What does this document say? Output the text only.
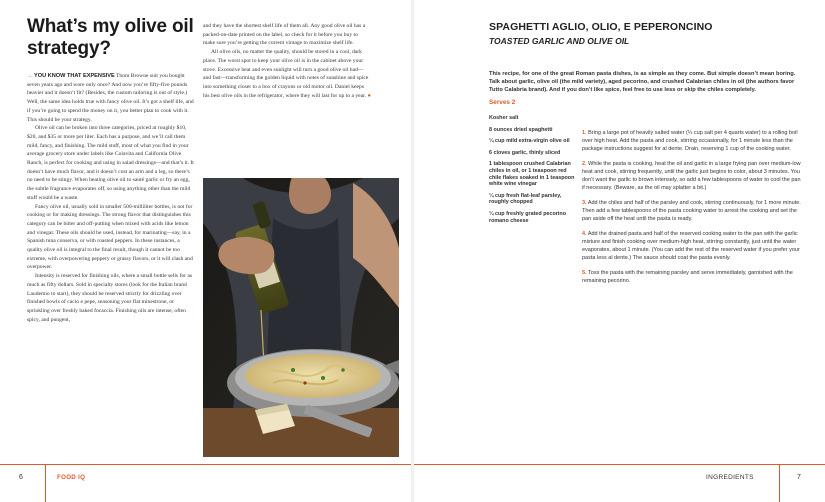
What’s my olive oil strategy?

→ YOU KNOW THAT EXPENSIVE Thom Browne suit you bought seven years ago and wore only once? And now you’re fifty-five pounds heavier and it doesn’t fit? (Besides, the custom tailoring is out of style.) Well, the same idea holds true with fancy olive oil. It’s got a shelf life, and if you’re going to spend the money on it, you better plan to cook with it. This should be your strategy.

Olive oil can be broken into three categories, priced at roughly $10, $20, and $35 or more per liter. Each has a purpose, and we’ll call them mild, fancy, and finishing. The mild stuff, most of what you find in your average grocery store under labels like Colavita and California Olive Ranch, is perfect for cooking and using in salad dressings—and that’s it. It doesn’t have much flavor, and it doesn’t cost an arm and a leg, so there’s no need to be stingy. When heating olive oil to sauté garlic or fry an egg, the subtle fragrance evaporates off, so using anything other than the mild stuff would be a waste.

Fancy olive oil, usually sold in smaller 500-milliliter bottles, is not for cooking or for making dressings. The strong flavor that distinguishes this category can be bitter and off-putting when mixed with acids like lemon and vinegar. These oils should be used, instead, for marinating—say, in a Spanish tuna conserva, or with roasted peppers. In these instances, a quality olive oil is integral to the final result, though it cannot be too extreme, with overpowering peppery or grassy flavors, or it will clash and overpower.

Intensity is reserved for finishing oils, where a small bottle sells for as much as fifty dollars. Sold in specialty stores (look for the Italian brand Laudemio to start), they should be reserved strictly for drizzling over finished bowls of cacio e pepe, seasoning your flat minestrone, or sprinkling over freshly baked focaccia. Finishing oils are intense, often spicy, and pungent,

and they have the shortest shelf life of them all. Any good olive oil has a packed-on-date printed on the label, so check for it before you buy to make sure you’re getting the current vintage to maximize shelf life.

All olive oils, no matter the quality, should be stored in a cool, dark place. The worst spot to keep your olive oil is in the cabinet above your stove. Excessive heat and even sunlight will turn a good olive oil bad—and fast—transforming the golden liquid with notes of sunshine and spice into something closer to a box of crayons or old motor oil. Daniel keeps his best olive oils in the refrigerator, where they will last for up to a year. ●

SPAGHETTI AGLIO, OLIO, E PEPERONCINO
TOASTED GARLIC AND OLIVE OIL
This recipe, for one of the great Roman pasta dishes, is as simple as they come. But simple doesn’t mean boring. Talk about garlic, olive oil (the mild variety), aged pecorino, and crushed Calabrian chiles in oil (the authors favor Tutto Calabria brand). And if you don’t like spice, feel free to use less or skip the chiles completely.
Serves 2

Kosher salt

8 ounces dried spaghetti

¼ cup mild extra-virgin olive oil

6 cloves garlic, thinly sliced

1 tablespoon crushed Calabrian chiles in oil, or 1 teaspoon red chile flakes soaked in 1 teaspoon white wine vinegar

¼ cup fresh flat-leaf parsley, roughly chopped

¼ cup freshly grated pecorino romano cheese

1. Bring a large pot of heavily salted water (¼ cup salt per 4 quarts water) to a rolling boil over high heat. Add the pasta and cook, stirring occasionally, for 1 minute less than the package instructions suggest for al dente. Drain, reserving 1 cup of the cooking water.

2. While the pasta is cooking, heat the oil and garlic in a large frying pan over medium-low heat and cook, stirring frequently, until the garlic just begins to color, about 3 minutes. You don’t want the garlic to brown intensely, so add a few tablespoons of water to cool the pan if necessary. (Beware, as the oil may splatter a bit.)

3. Add the chiles and half of the parsley and cook, stirring continuously, for 1 more minute. Then add a few tablespoons of the pasta cooking water to arrest the cooking and set the pan aside off the heat until the pasta is ready.

4. Add the drained pasta and half of the reserved cooking water to the pan with the garlic mixture and finish cooking over medium-high heat, stirring constantly, just until the water evaporates, about 1 minute. (You can add the rest of the reserved water if you prefer your pasta less al dente.) The sauce should coat the pasta evenly.

5. Toss the pasta with the remaining parsley and serve immediately, garnished with the remaining pecorino.

6	FOOD IQ	INGREDIENTS	7
